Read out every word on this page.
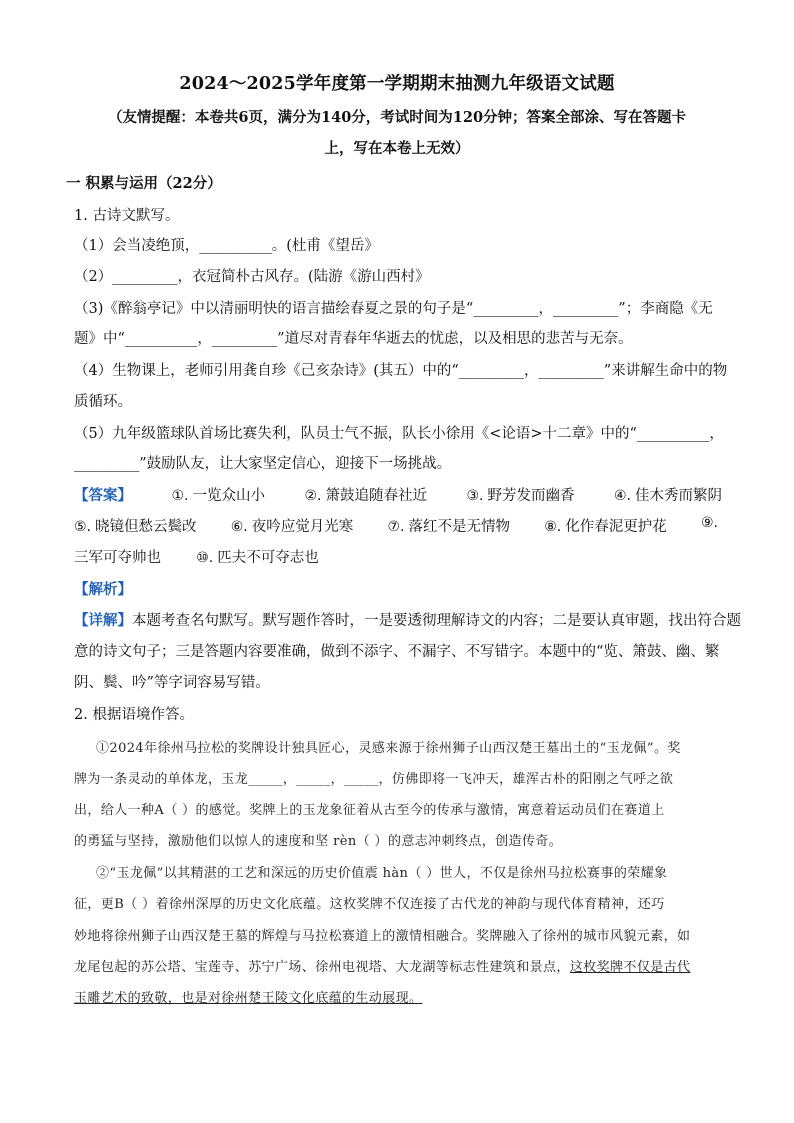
2024～2025学年度第一学期期末抽测九年级语文试题
（友情提醒：本卷共6页，满分为140分，考试时间为120分钟；答案全部涂、写在答题卡
上，写在本卷上无效）
一 积累与运用（22分）
1. 古诗文默写。
（1）会当凌绝顶，__________。(杜甫《望岳》
（2）_________，衣冠简朴古风存。(陆游《游山西村》
（3)《醉翁亭记》中以清丽明快的语言描绘春夏之景的句子是“_________，_________”；李商隐《无
题》中“__________，_________”道尽对青春年华逝去的忧虑，以及相思的悲苦与无奈。
（4）生物课上，老师引用龚自珍《己亥杂诗》(其五）中的“_________，_________”来讲解生命中的物
质循环。
（5）九年级篮球队首场比赛失利，队员士气不振，队长小徐用《<论语>十二章》中的“__________，
_________”鼓励队友，让大家坚定信心，迎接下一场挑战。
【答案】	①. 一览众山小	②. 箫鼓追随春社近	③. 野芳发而幽香	④. 佳木秀而繁阴
⑤. 晓镜但愁云鬓改 ⑥. 夜吟应觉月光寒 ⑦. 落红不是无情物 ⑧. 化作春泥更护花 ⑨.
三军可夺帅也	⑩. 匹夫不可夺志也
【解析】
【详解】本题考查名句默写。默写题作答时，一是要透彻理解诗文的内容；二是要认真审题，找出符合题
意的诗文句子；三是答题内容要准确，做到不添字、不漏字、不写错字。本题中的“览、箫鼓、幽、繁
阴、鬓、吟”等字词容易写错。
2. 根据语境作答。
①2024年徐州马拉松的奖牌设计独具匠心，灵感来源于徐州狮子山西汉楚王墓出土的“玉龙佩”。奖
牌为一条灵动的单体龙，玉龙_____，_____，_____，仿佛即将一飞冲天，雄浑古朴的阳刚之气呼之欲
出，给人一种A（ ）的感觉。奖牌上的玉龙象征着从古至今的传承与激情，寓意着运动员们在赛道上
的勇猛与坚持，激励他们以惊人的速度和坚 rèn（ ）的意志冲刺终点，创造传奇。
②“玉龙佩”以其精湛的工艺和深远的历史价值震 hàn（ ）世人，不仅是徐州马拉松赛事的荣耀象
征，更B（ ）着徐州深厚的历史文化底蕴。这枚奖牌不仅连接了古代龙的神韵与现代体育精神，还巧
妙地将徐州狮子山西汉楚王墓的辉煌与马拉松赛道上的激情相融合。奖牌融入了徐州的城市风貌元素，如
龙尾包起的苏公塔、宝莲寺、苏宁广场、徐州电视塔、大龙湖等标志性建筑和景点，这枚奖牌不仅是古代
玉雕艺术的致敬，也是对徐州楚王陵文化底蕴的生动展现。
